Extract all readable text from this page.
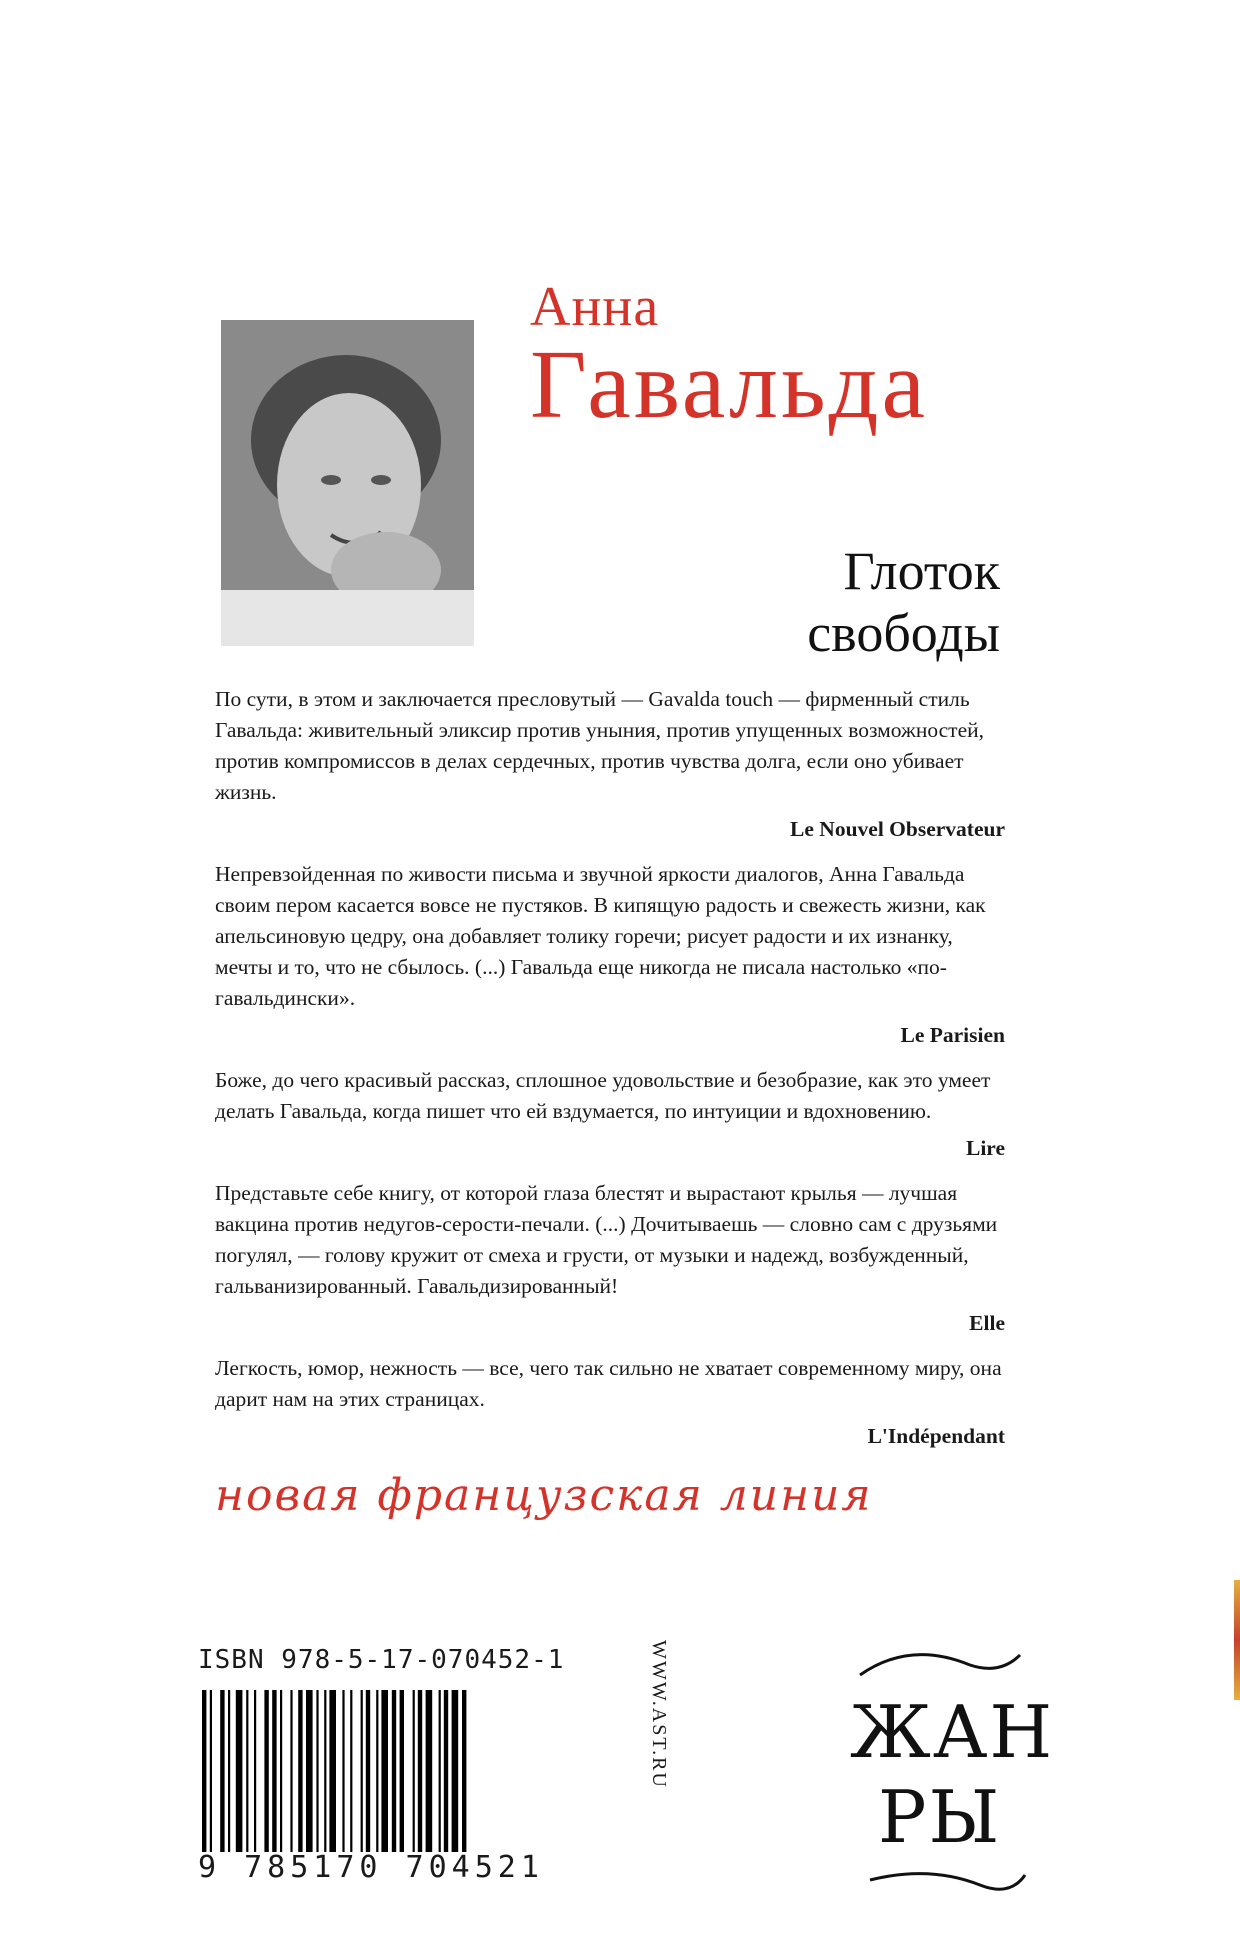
Анна
Гавальда
Глоток
свободы

По сути, в этом и заключается пресловутый — Gavalda touch — фирменный стиль Гавальда: живительный эликсир против уныния, против упущенных возможностей, против компромиссов в делах сердечных, против чувства долга, если оно убивает жизнь.

Le Nouvel Observateur

Непревзойденная по живости письма и звучной яркости диалогов, Анна Гавальда своим пером касается вовсе не пустяков. В кипящую радость и свежесть жизни, как апельсиновую цедру, она добавляет толику горечи; рисует радости и их изнанку, мечты и то, что не сбылось. (...) Гавальда еще никогда не писала настолько «по-гавальдински».

Le Parisien

Боже, до чего красивый рассказ, сплошное удовольствие и безобразие, как это умеет делать Гавальда, когда пишет что ей вздумается, по интуиции и вдохновению.

Lire

Представьте себе книгу, от которой глаза блестят и вырастают крылья — лучшая вакцина против недугов-серости-печали. (...) Дочитываешь — словно сам с друзьями погулял, — голову кружит от смеха и грусти, от музыки и надежд, возбужденный, гальванизированный. Гавальдизированный!

Elle

Легкость, юмор, нежность — все, чего так сильно не хватает современному миру, она дарит нам на этих страницах.

L'Indépendant
новая французская линия
ISBN 978-5-17-070452-1
9 785170 704521
WWW.AST.RU	ЖАН
РЫ
